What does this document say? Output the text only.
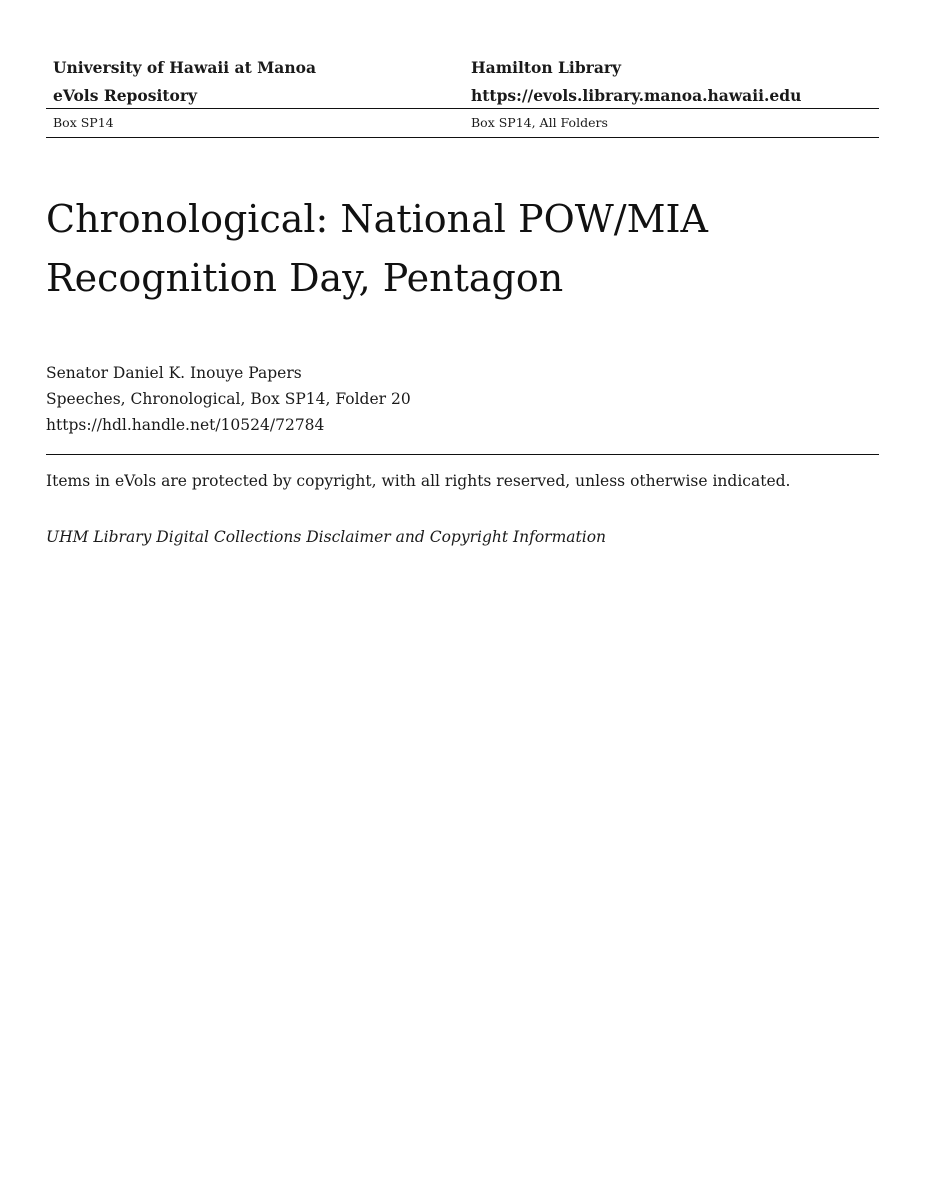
University of Hawaii at Manoa	Hamilton Library
eVols Repository	https://evols.library.manoa.hawaii.edu
Box SP14	Box SP14, All Folders
Chronological: National POW/MIA
Recognition Day, Pentagon
Senator Daniel K. Inouye Papers
Speeches, Chronological, Box SP14, Folder 20
https://hdl.handle.net/10524/72784
Items in eVols are protected by copyright, with all rights reserved, unless otherwise indicated.
UHM Library Digital Collections Disclaimer and Copyright Information
